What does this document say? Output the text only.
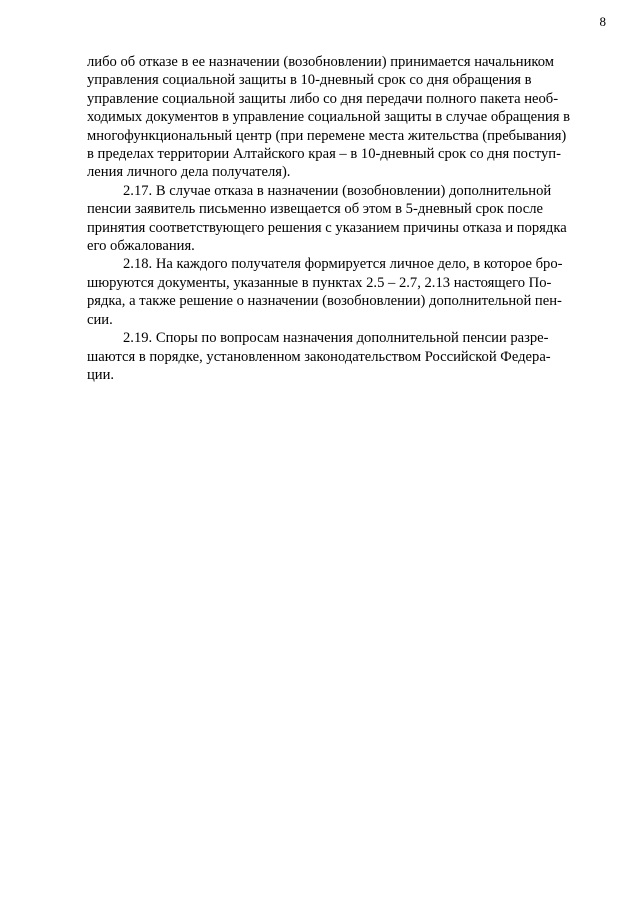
8

либо об отказе в ее назначении (возобновлении) принимается начальником
управления социальной защиты в 10-дневный срок со дня обращения в
управление социальной защиты либо со дня передачи полного пакета необ-
ходимых документов в управление социальной защиты в случае обращения в
многофункциональный центр (при перемене места жительства (пребывания)
в пределах территории Алтайского края – в 10-дневный срок со дня поступ-
ления личного дела получателя).

2.17. В случае отказа в назначении (возобновлении) дополнительной
пенсии заявитель письменно извещается об этом в 5-дневный срок после
принятия соответствующего решения с указанием причины отказа и порядка
его обжалования.

2.18. На каждого получателя формируется личное дело, в которое бро-
шюруются документы, указанные в пунктах 2.5 – 2.7, 2.13 настоящего По-
рядка, а также решение о назначении (возобновлении) дополнительной пен-
сии.

2.19. Споры по вопросам назначения дополнительной пенсии разре-
шаются в порядке, установленном законодательством Российской Федера-
ции.
